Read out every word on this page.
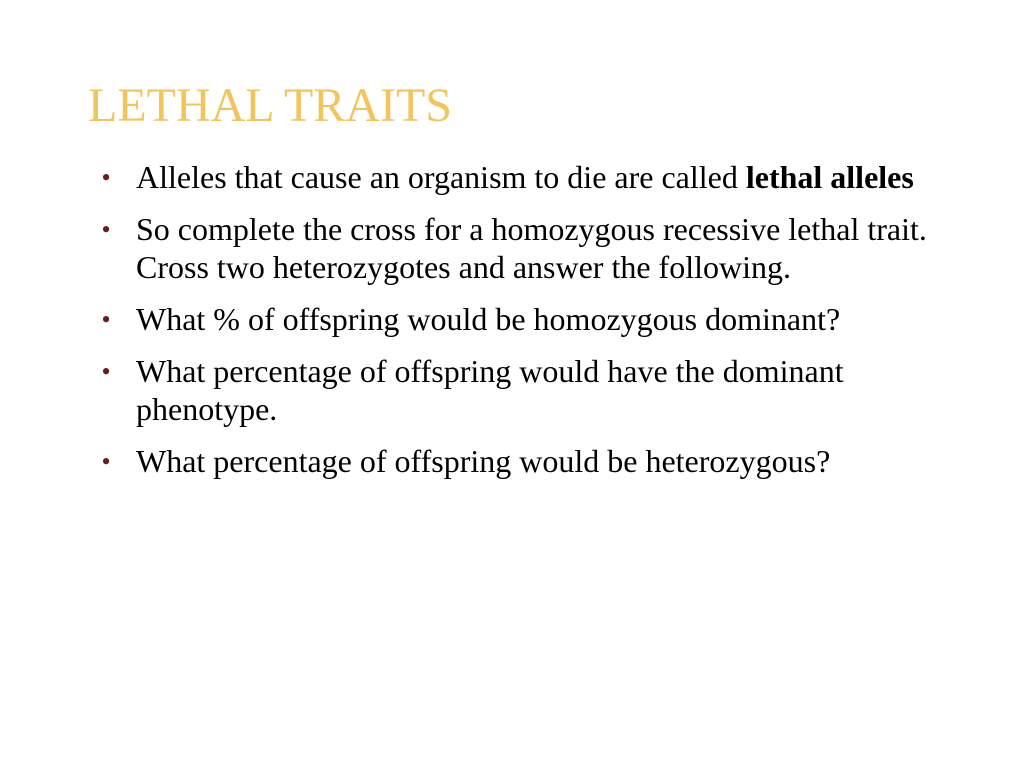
LETHAL TRAITS
• Alleles that cause an organism to die are called lethal alleles
• So complete the cross for a homozygous recessive lethal trait. Cross two heterozygotes and answer the following.
• What % of offspring would be homozygous dominant?
• What percentage of offspring would have the dominant phenotype.
• What percentage of offspring would be heterozygous?
